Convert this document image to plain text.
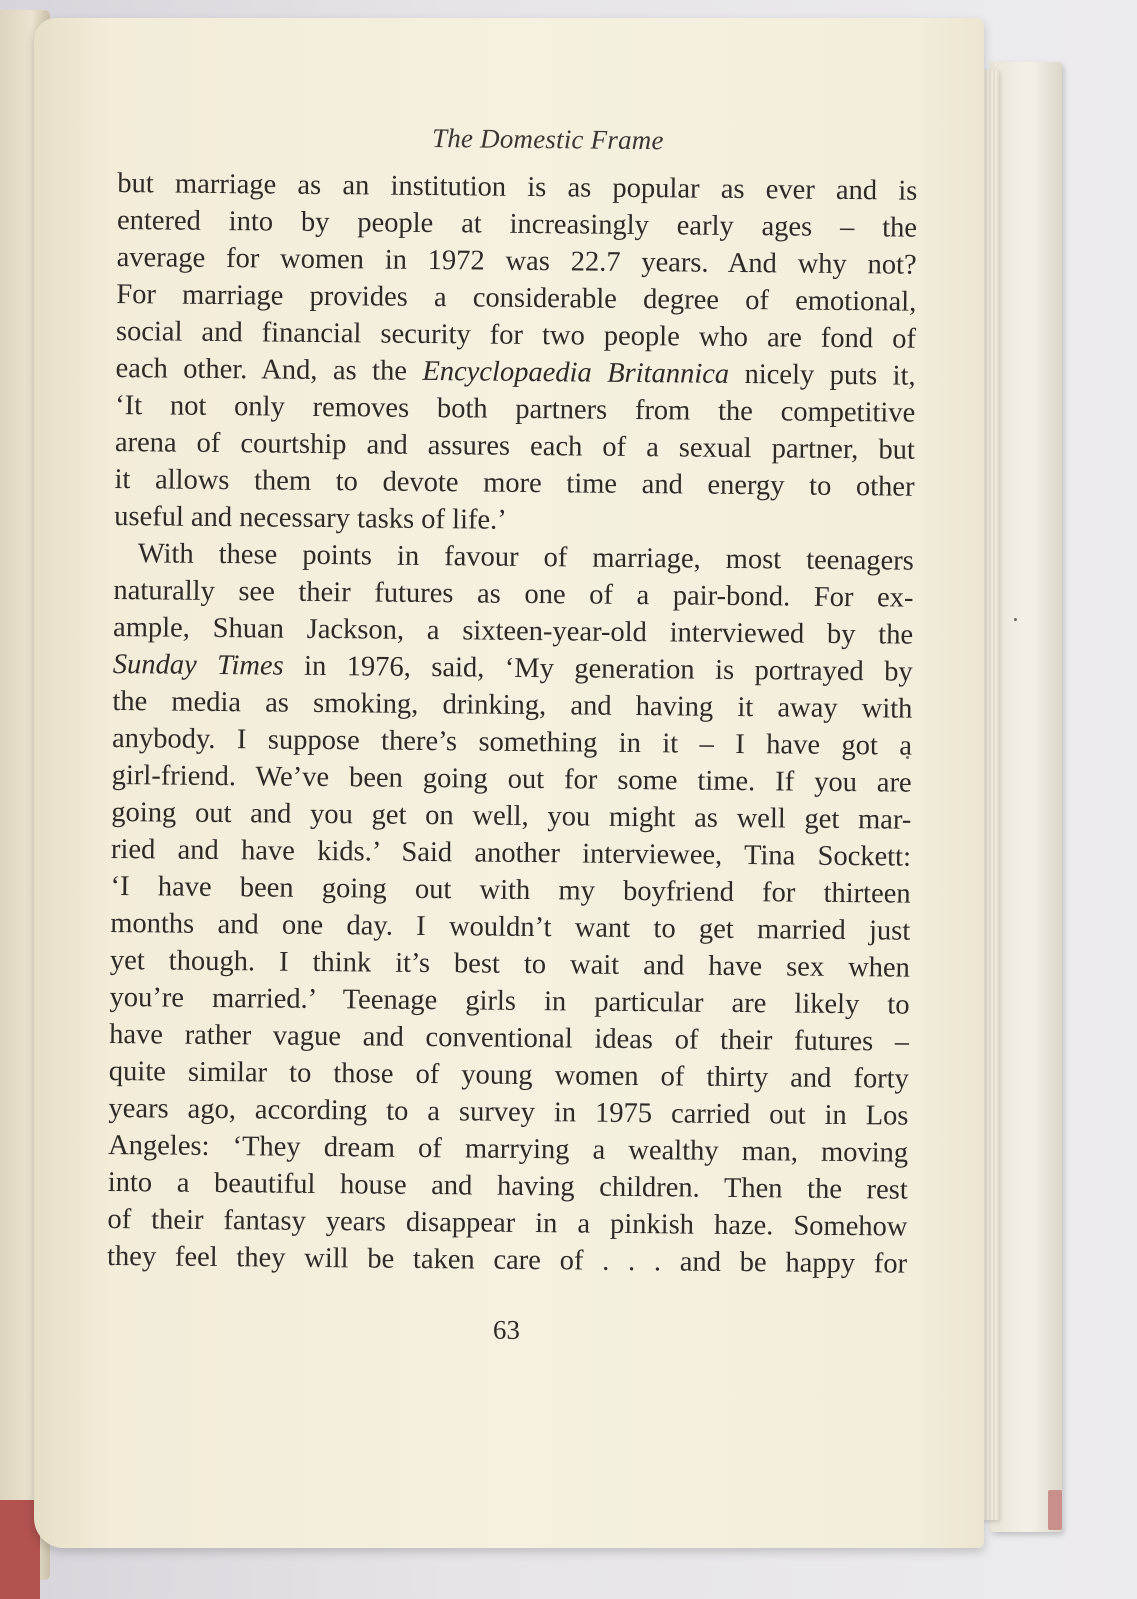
The Domestic Frame
but marriage as an institution is as popular as ever and is
entered into by people at increasingly early ages – the
average for women in 1972 was 22.7 years. And why not?
For marriage provides a considerable degree of emotional,
social and financial security for two people who are fond of
each other. And, as the Encyclopaedia Britannica nicely puts it,
‘It not only removes both partners from the competitive
arena of courtship and assures each of a sexual partner, but
it allows them to devote more time and energy to other
useful and necessary tasks of life.’
With these points in favour of marriage, most teenagers
naturally see their futures as one of a pair-bond. For ex-
ample, Shuan Jackson, a sixteen-year-old interviewed by the
Sunday Times in 1976, said, ‘My generation is portrayed by
the media as smoking, drinking, and having it away with
anybody. I suppose there’s something in it – I have got a
girl-friend. We’ve been going out for some time. If you are
going out and you get on well, you might as well get mar-
ried and have kids.’ Said another interviewee, Tina Sockett:
‘I have been going out with my boyfriend for thirteen
months and one day. I wouldn’t want to get married just
yet though. I think it’s best to wait and have sex when
you’re married.’ Teenage girls in particular are likely to
have rather vague and conventional ideas of their futures –
quite similar to those of young women of thirty and forty
years ago, according to a survey in 1975 carried out in Los
Angeles: ‘They dream of marrying a wealthy man, moving
into a beautiful house and having children. Then the rest
of their fantasy years disappear in a pinkish haze. Somehow
they feel they will be taken care of . . . and be happy for
63
